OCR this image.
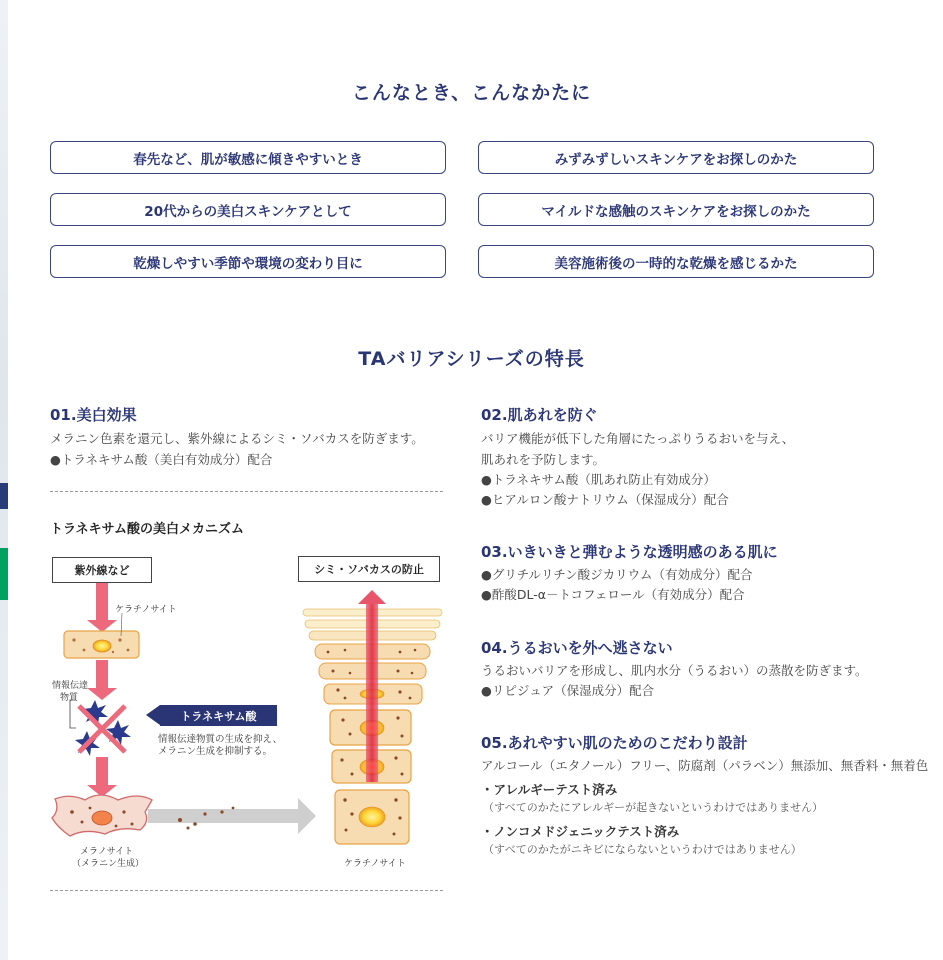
こんなとき、こんなかたに
春先など、肌が敏感に傾きやすいとき	みずみずしいスキンケアをお探しのかた
20代からの美白スキンケアとして	マイルドな感触のスキンケアをお探しのかた
乾燥しやすい季節や環境の変わり目に	美容施術後の一時的な乾燥を感じるかた
TAバリアシリーズの特長
01.美白効果
メラニン色素を還元し、紫外線によるシミ・ソバカスを防ぎます。
●トラネキサム酸（美白有効成分）配合
02.肌あれを防ぐ
バリア機能が低下した角層にたっぷりうるおいを与え、
肌あれを予防します。
●トラネキサム酸（肌あれ防止有効成分）
●ヒアルロン酸ナトリウム（保湿成分）配合
03.いきいきと弾むような透明感のある肌に
●グリチルリチン酸ジカリウム（有効成分）配合
●酢酸DL-α－トコフェロール（有効成分）配合
04.うるおいを外へ逃さない
うるおいバリアを形成し、肌内水分（うるおい）の蒸散を防ぎます。
●リピジュア（保湿成分）配合
05.あれやすい肌のためのこだわり設計
アルコール（エタノール）フリー、防腐剤（パラベン）無添加、無香料・無着色
・アレルギーテスト済み
（すべてのかたにアレルギーが起きないというわけではありません）
・ノンコメドジェニックテスト済み
（すべてのかたがニキビにならないというわけではありません）
トラネキサム酸の美白メカニズム
紫外線など	シミ・ソバカスの防止
ケラチノサイト
情報伝達
物質
トラネキサム酸
情報伝達物質の生成を抑え、
メラニン生成を抑制する。
メラノサイト
（メラニン生成）	ケラチノサイト
